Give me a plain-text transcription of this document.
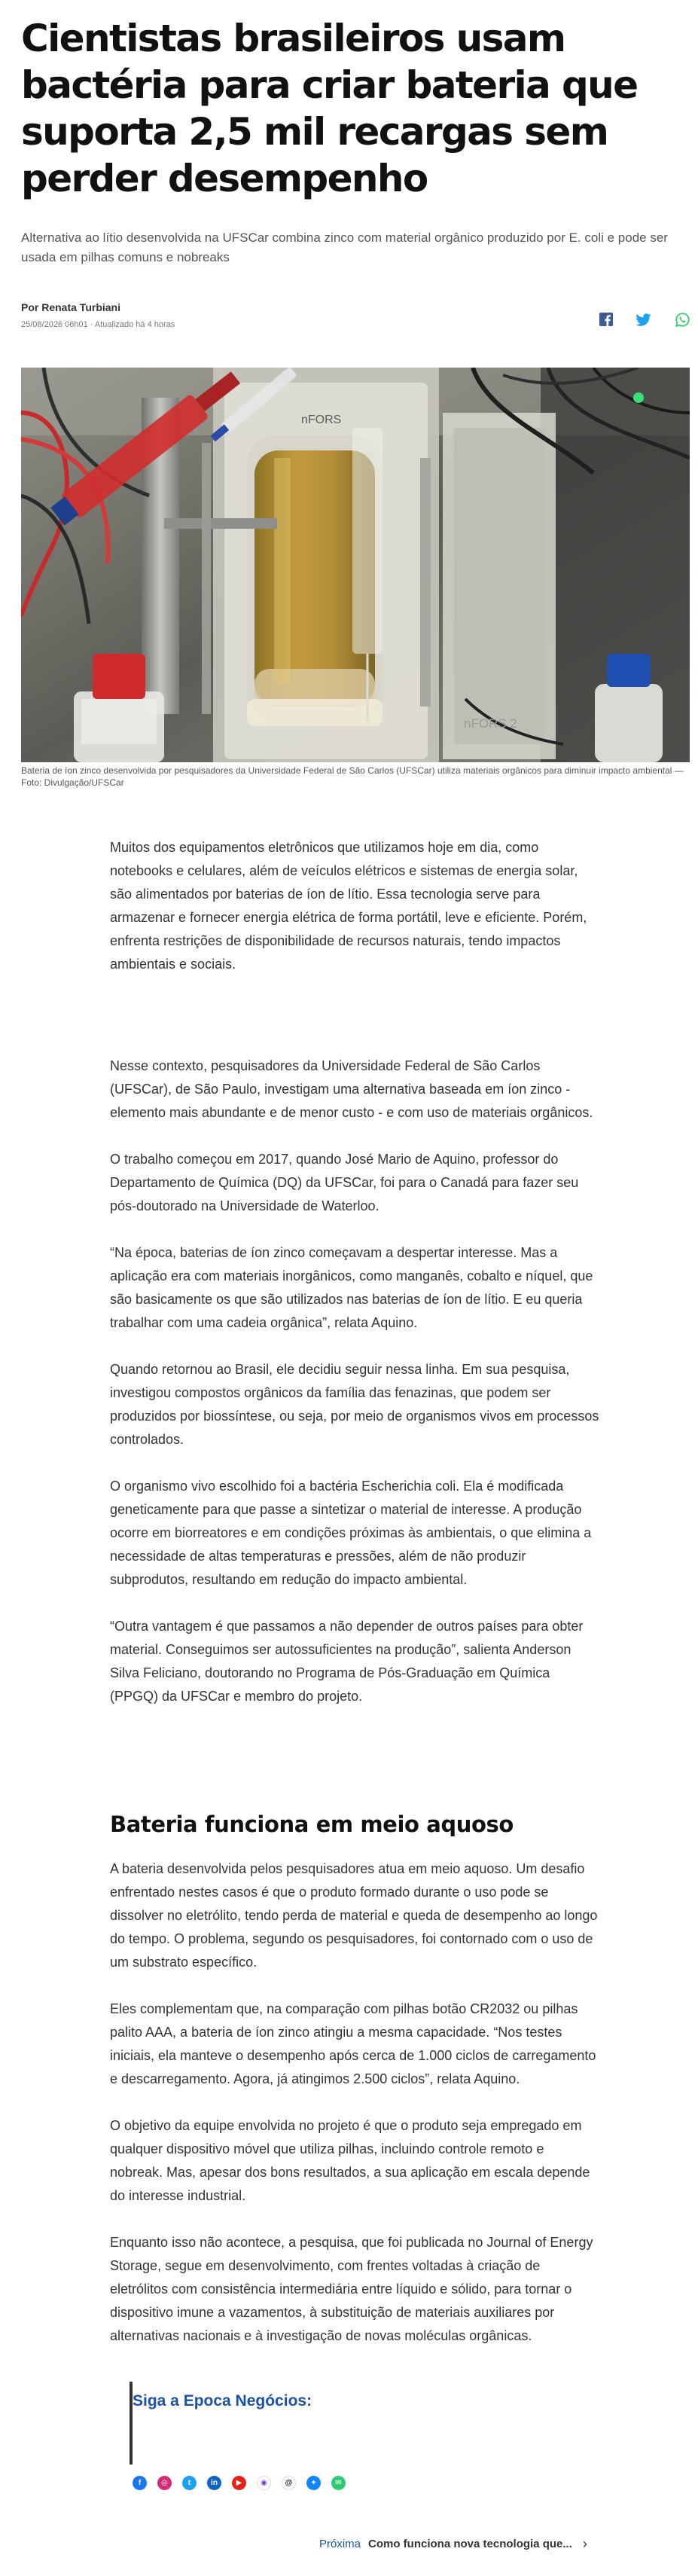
Cientistas brasileiros usam bactéria para criar bateria que suporta 2,5 mil recargas sem perder desempenho

Alternativa ao lítio desenvolvida na UFSCar combina zinco com material orgânico produzido por E. coli e pode ser usada em pilhas comuns e nobreaks

Por Renata Turbiani
25/08/2026 06h01 · Atualizado há 4 horas
nFORS
nFORS 2

Bateria de íon zinco desenvolvida por pesquisadores da Universidade Federal de São Carlos (UFSCar) utiliza materiais orgânicos para diminuir impacto ambiental — Foto: Divulgação/UFSCar

Muitos dos equipamentos eletrônicos que utilizamos hoje em dia, como notebooks e celulares, além de veículos elétricos e sistemas de energia solar, são alimentados por baterias de íon de lítio. Essa tecnologia serve para armazenar e fornecer energia elétrica de forma portátil, leve e eficiente. Porém, enfrenta restrições de disponibilidade de recursos naturais, tendo impactos ambientais e sociais.

Nesse contexto, pesquisadores da Universidade Federal de São Carlos (UFSCar), de São Paulo, investigam uma alternativa baseada em íon zinco - elemento mais abundante e de menor custo - e com uso de materiais orgânicos.

O trabalho começou em 2017, quando José Mario de Aquino, professor do Departamento de Química (DQ) da UFSCar, foi para o Canadá para fazer seu pós-doutorado na Universidade de Waterloo.

“Na época, baterias de íon zinco começavam a despertar interesse. Mas a aplicação era com materiais inorgânicos, como manganês, cobalto e níquel, que são basicamente os que são utilizados nas baterias de íon de lítio. E eu queria trabalhar com uma cadeia orgânica”, relata Aquino.

Quando retornou ao Brasil, ele decidiu seguir nessa linha. Em sua pesquisa, investigou compostos orgânicos da família das fenazinas, que podem ser produzidos por biossíntese, ou seja, por meio de organismos vivos em processos controlados.

O organismo vivo escolhido foi a bactéria Escherichia coli. Ela é modificada geneticamente para que passe a sintetizar o material de interesse. A produção ocorre em biorreatores e em condições próximas às ambientais, o que elimina a necessidade de altas temperaturas e pressões, além de não produzir subprodutos, resultando em redução do impacto ambiental.

“Outra vantagem é que passamos a não depender de outros países para obter material. Conseguimos ser autossuficientes na produção”, salienta Anderson Silva Feliciano, doutorando no Programa de Pós-Graduação em Química (PPGQ) da UFSCar e membro do projeto.

Bateria funciona em meio aquoso

A bateria desenvolvida pelos pesquisadores atua em meio aquoso. Um desafio enfrentado nestes casos é que o produto formado durante o uso pode se dissolver no eletrólito, tendo perda de material e queda de desempenho ao longo do tempo. O problema, segundo os pesquisadores, foi contornado com o uso de um substrato específico.

Eles complementam que, na comparação com pilhas botão CR2032 ou pilhas palito AAA, a bateria de íon zinco atingiu a mesma capacidade. “Nos testes iniciais, ela manteve o desempenho após cerca de 1.000 ciclos de carregamento e descarregamento. Agora, já atingimos 2.500 ciclos”, relata Aquino.

O objetivo da equipe envolvida no projeto é que o produto seja empregado em qualquer dispositivo móvel que utiliza pilhas, incluindo controle remoto e nobreak. Mas, apesar dos bons resultados, a sua aplicação em escala depende do interesse industrial.

Enquanto isso não acontece, a pesquisa, que foi publicada no Journal of Energy Storage, segue em desenvolvimento, com frentes voltadas à criação de eletrólitos com consistência intermediária entre líquido e sólido, para tornar o dispositivo imune a vazamentos, à substituição de materiais auxiliares por alternativas nacionais e à investigação de novas moléculas orgânicas.

Siga a Epoca Negócios:
f	◎	t	in	▶	◉	@	✦	✉
Próxima Como funciona nova tecnologia que... ›
